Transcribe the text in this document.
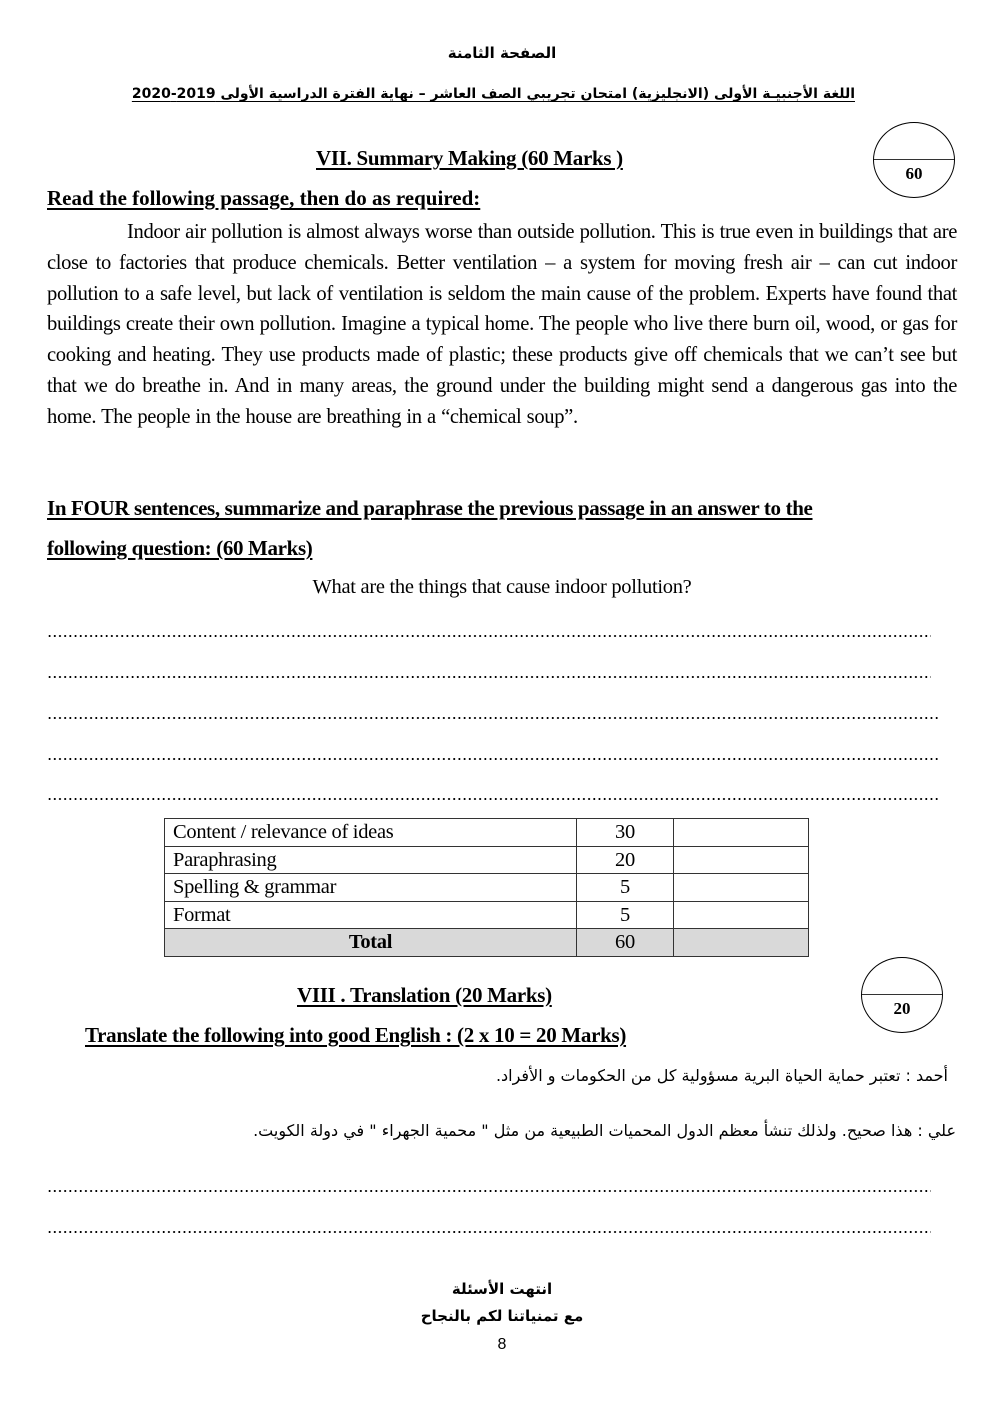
الصفحة الثامنة
اللغة الأجنبيـة الأولى (الانجليزية) امتحان تجريبي الصف العاشر – نهاية الفترة الدراسية الأولى 2019-2020
VII. Summary Making (60 Marks )
60
Read the following passage, then do as required:
Indoor air pollution is almost always worse than outside pollution. This is true even in buildings that are close to factories that produce chemicals. Better ventilation – a system for moving fresh air – can cut indoor pollution to a safe level, but lack of ventilation is seldom the main cause of the problem. Experts have found that buildings create their own pollution. Imagine a typical home. The people who live there burn oil, wood, or gas for cooking and heating. They use products made of plastic; these products give off chemicals that we can’t see but that we do breathe in. And in many areas, the ground under the building might send a dangerous gas into the home. The people in the house are breathing in a “chemical soup”.
In FOUR sentences, summarize and paraphrase the previous passage in an answer to the
following question: (60 Marks)
What are the things that cause indoor pollution?
Content / relevance of ideas	30	
Paraphrasing	20	
Spelling & grammar	5	
Format	5	
Total	60	
VIII . Translation (20 Marks)
20
Translate the following into good English : (2 x 10 = 20 Marks)
أحمد : تعتبر حماية الحياة البرية مسؤولية كل من الحكومات و الأفراد.
علي : هذا صحيح. ولذلك تنشأ معظم الدول المحميات الطبيعية من مثل " محمية الجهراء " في دولة الكويت.
انتهت الأسئلة
مع تمنياتنا لكم بالنجاح
8
